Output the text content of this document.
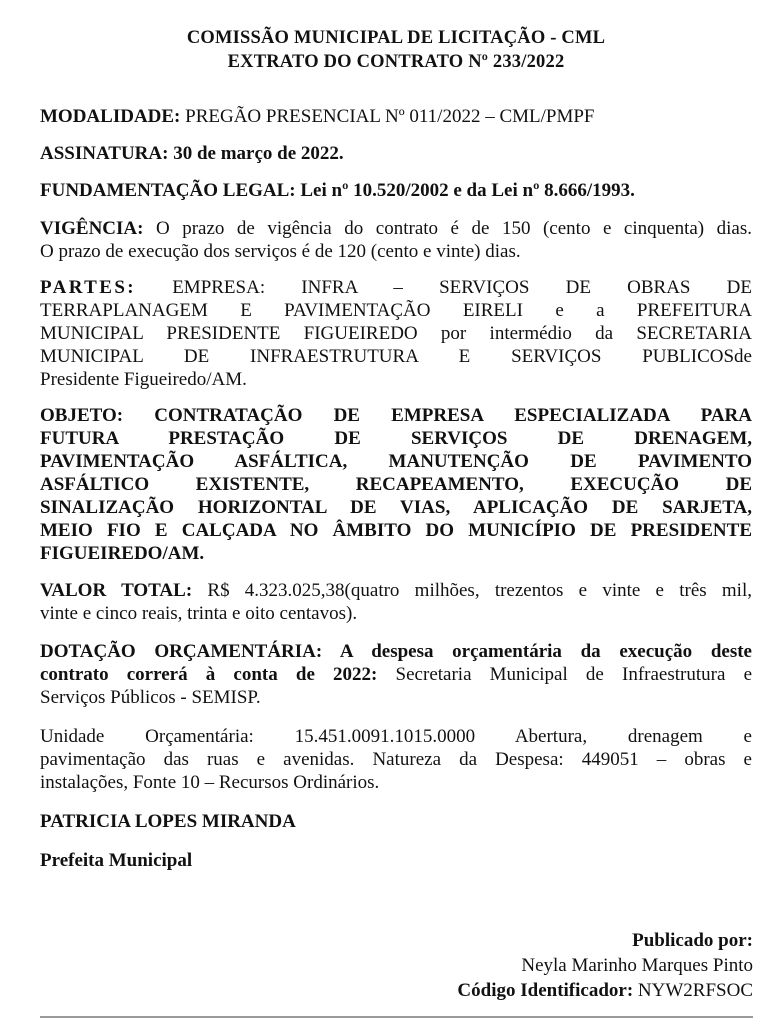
COMISSÃO MUNICIPAL DE LICITAÇÃO - CML
EXTRATO DO CONTRATO Nº 233/2022

MODALIDADE: PREGÃO PRESENCIAL Nº 011/2022 – CML/PMPF

ASSINATURA: 30 de março de 2022.

FUNDAMENTAÇÃO LEGAL: Lei nº 10.520/2002 e da Lei nº 8.666/1993.

VIGÊNCIA: O prazo de vigência do contrato é de 150 (cento e cinquenta) dias.
O prazo de execução dos serviços é de 120 (cento e vinte) dias.

PARTES: EMPRESA: INFRA – SERVIÇOS DE OBRAS DE
TERRAPLANAGEM E PAVIMENTAÇÃO EIRELI e a PREFEITURA
MUNICIPAL PRESIDENTE FIGUEIREDO por intermédio da SECRETARIA
MUNICIPAL DE INFRAESTRUTURA E SERVIÇOS PUBLICOSde
Presidente Figueiredo/AM.

OBJETO: CONTRATAÇÃO DE EMPRESA ESPECIALIZADA PARA
FUTURA PRESTAÇÃO DE SERVIÇOS DE DRENAGEM,
PAVIMENTAÇÃO ASFÁLTICA, MANUTENÇÃO DE PAVIMENTO
ASFÁLTICO EXISTENTE, RECAPEAMENTO, EXECUÇÃO DE
SINALIZAÇÃO HORIZONTAL DE VIAS, APLICAÇÃO DE SARJETA,
MEIO FIO E CALÇADA NO ÂMBITO DO MUNICÍPIO DE PRESIDENTE
FIGUEIREDO/AM.

VALOR TOTAL: R$ 4.323.025,38(quatro milhões, trezentos e vinte e três mil,
vinte e cinco reais, trinta e oito centavos).

DOTAÇÃO ORÇAMENTÁRIA: A despesa orçamentária da execução deste
contrato correrá à conta de 2022: Secretaria Municipal de Infraestrutura e
Serviços Públicos - SEMISP.

Unidade Orçamentária: 15.451.0091.1015.0000 Abertura, drenagem e
pavimentação das ruas e avenidas. Natureza da Despesa: 449051 – obras e
instalações, Fonte 10 – Recursos Ordinários.

PATRICIA LOPES MIRANDA
Prefeita Municipal
Publicado por:
Neyla Marinho Marques Pinto
Código Identificador: NYW2RFSOC
